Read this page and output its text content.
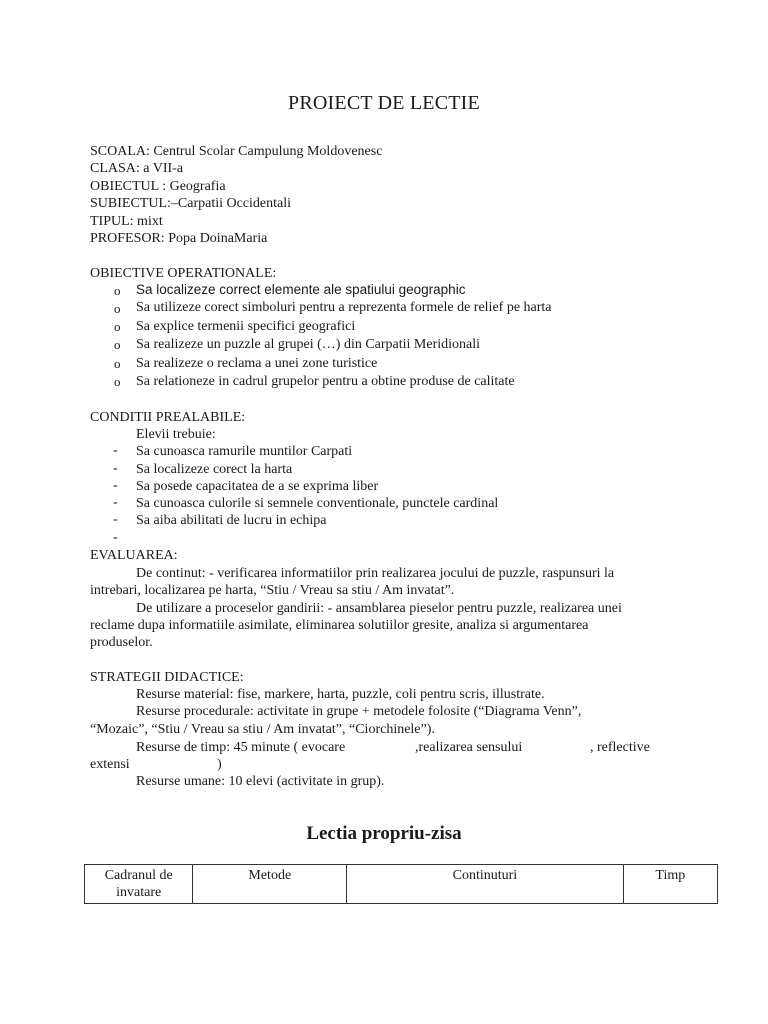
PROIECT DE LECTIE
SCOALA: Centrul Scolar Campulung Moldovenesc
CLASA: a VII-a
OBIECTUL : Geografia
SUBIECTUL:–Carpatii Occidentali
TIPUL: mixt
PROFESOR: Popa DoinaMaria
OBIECTIVE OPERATIONALE:
o Sa localizeze correct elemente ale spatiului geographic
o Sa utilizeze corect simboluri pentru a reprezenta formele de relief pe harta
o Sa explice termenii specifici geografici
o Sa realizeze un puzzle al grupei (…) din Carpatii Meridionali
o Sa realizeze o reclama a unei zone turistice
o Sa relationeze in cadrul grupelor pentru a obtine produse de calitate
CONDITII PREALABILE:
Elevii trebuie:
- Sa cunoasca ramurile muntilor Carpati
- Sa localizeze corect la harta
- Sa posede capacitatea de a se exprima liber
- Sa cunoasca culorile si semnele conventionale, punctele cardinal
- Sa aiba abilitati de lucru in echipa
-
EVALUAREA:
De continut: - verificarea informatiilor prin realizarea jocului de puzzle, raspunsuri la
intrebari, localizarea pe harta, “Stiu / Vreau sa stiu / Am invatat”.
De utilizare a proceselor gandirii: - ansamblarea pieselor pentru puzzle, realizarea unei
reclame dupa informatiile asimilate, eliminarea solutiilor gresite, analiza si argumentarea
produselor.
STRATEGII DIDACTICE:
Resurse material: fise, markere, harta, puzzle, coli pentru scris, illustrate.
Resurse procedurale: activitate in grupe + metodele folosite (“Diagrama Venn”,
“Mozaic”, “Stiu / Vreau sa stiu / Am invatat”, “Ciorchinele”).
Resurse de timp: 45 minute ( evocare	,realizarea sensului	, reflective
extensi	)
Resurse umane: 10 elevi (activitate in grup).
Lectia propriu-zisa
Cadranul de invatare	Metode	Continuturi	Timp
